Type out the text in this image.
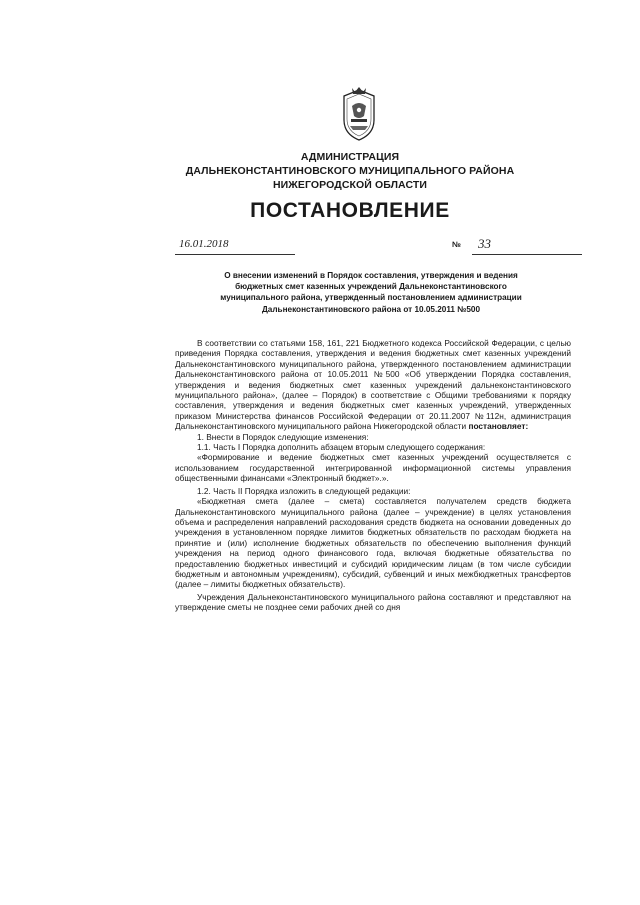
АДМИНИСТРАЦИЯ
ДАЛЬНЕКОНСТАНТИНОВСКОГО МУНИЦИПАЛЬНОГО РАЙОНА
НИЖЕГОРОДСКОЙ ОБЛАСТИ
ПОСТАНОВЛЕНИЕ
16.01.2018	№ 33
О внесении изменений в Порядок составления, утверждения и ведения
бюджетных смет казенных учреждений Дальнеконстантиновского
муниципального района, утвержденный постановлением администрации
Дальнеконстантиновского района от 10.05.2011 №500

В соответствии со статьями 158, 161, 221 Бюджетного кодекса Российской Федерации, с целью приведения Порядка составления, утверждения и ведения бюджетных смет казенных учреждений Дальнеконстантиновского муниципального района, утвержденного постановлением администрации Дальнеконстантиновского района от 10.05.2011 №500 «Об утверждении Порядка составления, утверждения и ведения бюджетных смет казенных учреждений дальнеконстантиновского муниципального района», (далее – Порядок) в соответствие с Общими требованиями к порядку составления, утверждения и ведения бюджетных смет казенных учреждений, утвержденных приказом Министерства финансов Российской Федерации от 20.11.2007 №112н, администрация Дальнеконстантиновского муниципального района Нижегородской области постановляет:

1. Внести в Порядок следующие изменения:

1.1. Часть I Порядка дополнить абзацем вторым следующего содержания:

«Формирование и ведение бюджетных смет казенных учреждений осуществляется с использованием государственной интегрированной информационной системы управления общественными финансами «Электронный бюджет».».

1.2. Часть II Порядка изложить в следующей редакции:

«Бюджетная смета (далее – смета) составляется получателем средств бюджета Дальнеконстантиновского муниципального района (далее – учреждение) в целях установления объема и распределения направлений расходования средств бюджета на основании доведенных до учреждения в установленном порядке лимитов бюджетных обязательств по расходам бюджета на принятие и (или) исполнение бюджетных обязательств по обеспечению выполнения функций учреждения на период одного финансового года, включая бюджетные обязательства по предоставлению бюджетных инвестиций и субсидий юридическим лицам (в том числе субсидии бюджетным и автономным учреждениям), субсидий, субвенций и иных межбюджетных трансфертов (далее – лимиты бюджетных обязательств).

Учреждения Дальнеконстантиновского муниципального района составляют и представляют на утверждение сметы не позднее семи рабочих дней со дня
